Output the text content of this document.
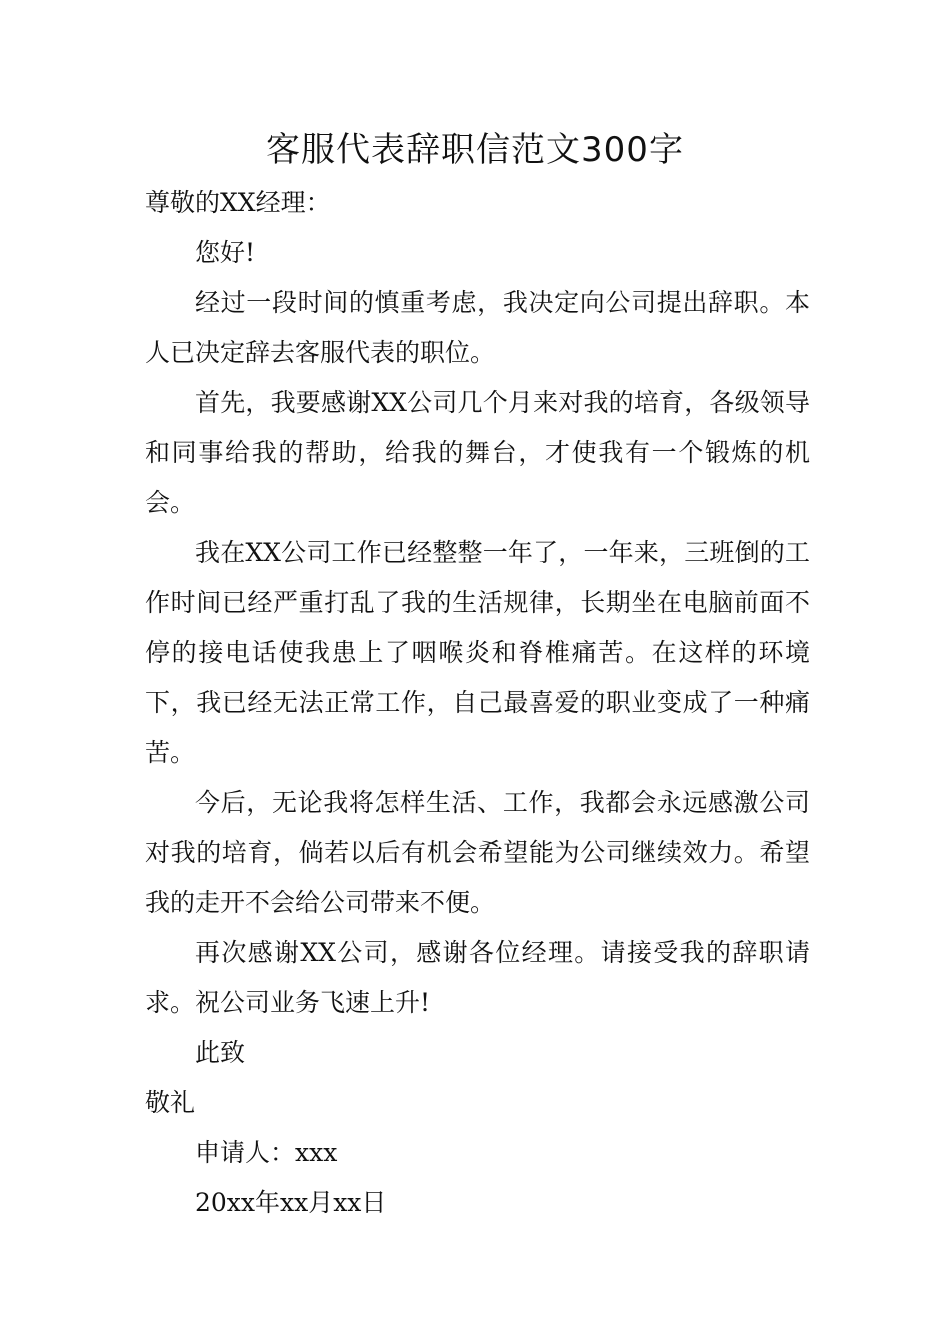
客服代表辞职信范文300字

尊敬的XX经理：

您好!

经过一段时间的慎重考虑，我决定向公司提出辞职。本人已决定辞去客服代表的职位。

首先，我要感谢XX公司几个月来对我的培育，各级领导和同事给我的帮助，给我的舞台，才使我有一个锻炼的机会。

我在XX公司工作已经整整一年了，一年来，三班倒的工作时间已经严重打乱了我的生活规律，长期坐在电脑前面不停的接电话使我患上了咽喉炎和脊椎痛苦。在这样的环境下，我已经无法正常工作，自己最喜爱的职业变成了一种痛苦。

今后，无论我将怎样生活、工作，我都会永远感激公司对我的培育，倘若以后有机会希望能为公司继续效力。希望我的走开不会给公司带来不便。

再次感谢XX公司，感谢各位经理。请接受我的辞职请求。祝公司业务飞速上升!

此致

敬礼

申请人：xxx

20xx年xx月xx日
